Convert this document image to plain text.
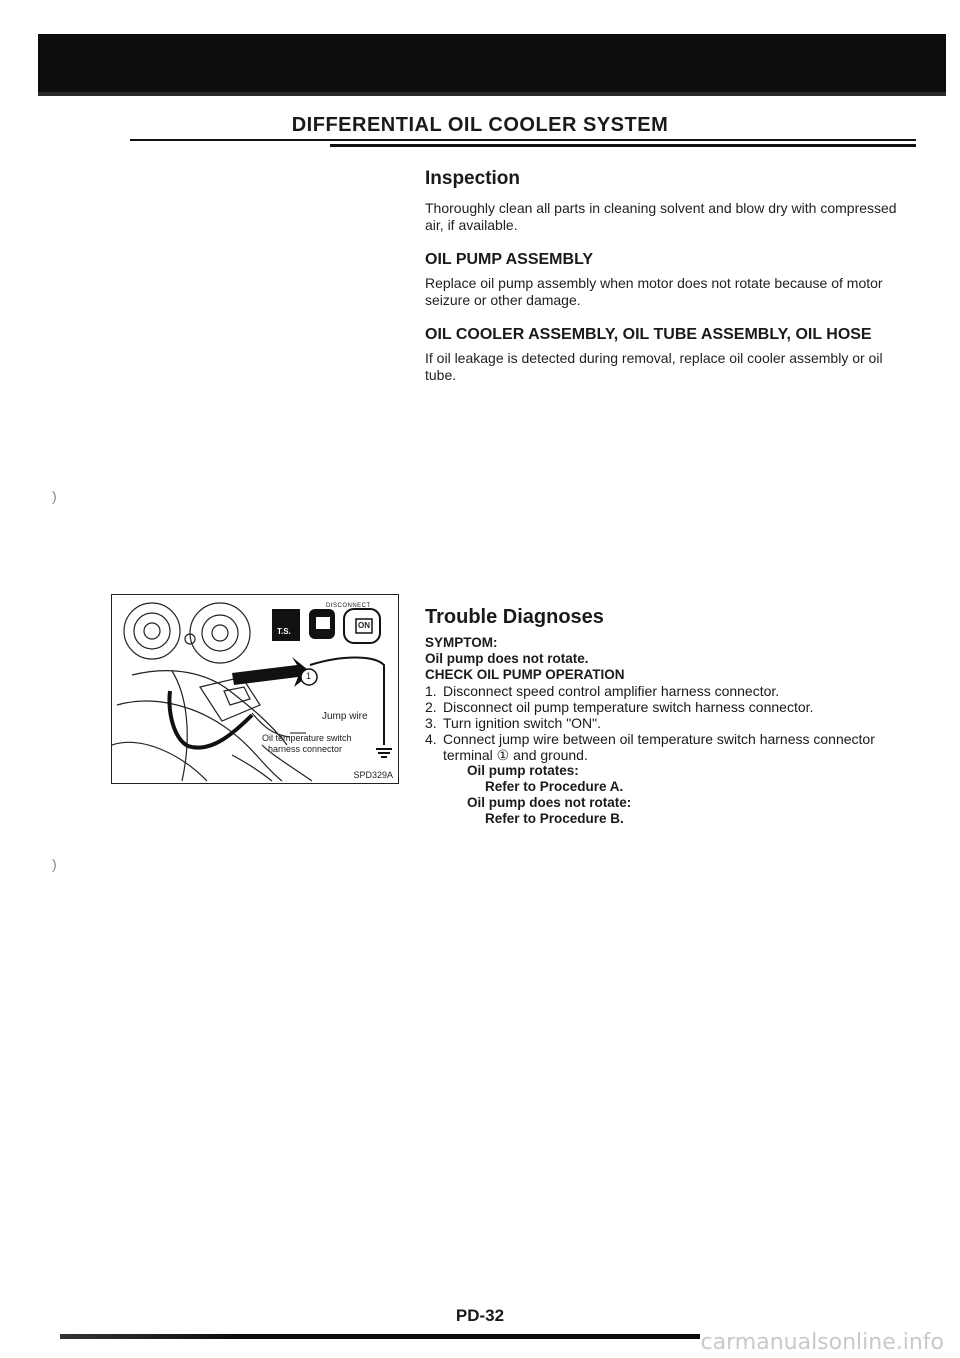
DIFFERENTIAL OIL COOLER SYSTEM
Inspection

Thoroughly clean all parts in cleaning solvent and blow dry with compressed air, if available.

OIL PUMP ASSEMBLY

Replace oil pump assembly when motor does not rotate because of motor seizure or other damage.

OIL COOLER ASSEMBLY, OIL TUBE ASSEMBLY, OIL HOSE

If oil leakage is detected during removal, replace oil cooler assembly or oil tube.

DISCONNECT
T.S.
ON
1
Jump wire
Oil temperature switch
harness connector
SPD329A
Trouble Diagnoses
SYMPTOM:
Oil pump does not rotate.
CHECK OIL PUMP OPERATION
1. Disconnect speed control amplifier harness connector.
2. Disconnect oil pump temperature switch harness connector.
3. Turn ignition switch "ON".
4. Connect jump wire between oil temperature switch harness connector terminal ① and ground.
Oil pump rotates:
Refer to Procedure A.
Oil pump does not rotate:
Refer to Procedure B.
)
)
PD-32
carmanualsonline.info
